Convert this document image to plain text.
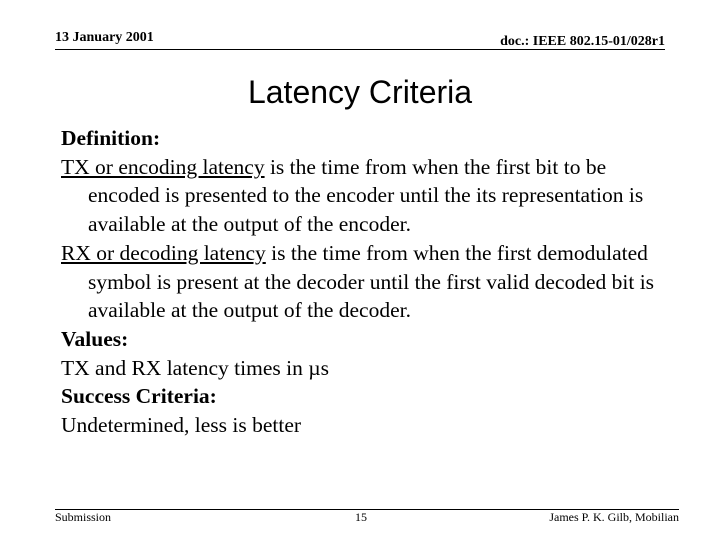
13 January 2001	doc.: IEEE 802.15-01/028r1
Latency Criteria

Definition:

TX or encoding latency is the time from when the first bit to be encoded is presented to the encoder until the its representation is available at the output of the encoder.

RX or decoding latency is the time from when the first demodulated symbol is present at the decoder until the first valid decoded bit is available at the output of the decoder.

Values:

TX and RX latency times in µs

Success Criteria:

Undetermined, less is better

Submission	15	James P. K. Gilb, Mobilian
